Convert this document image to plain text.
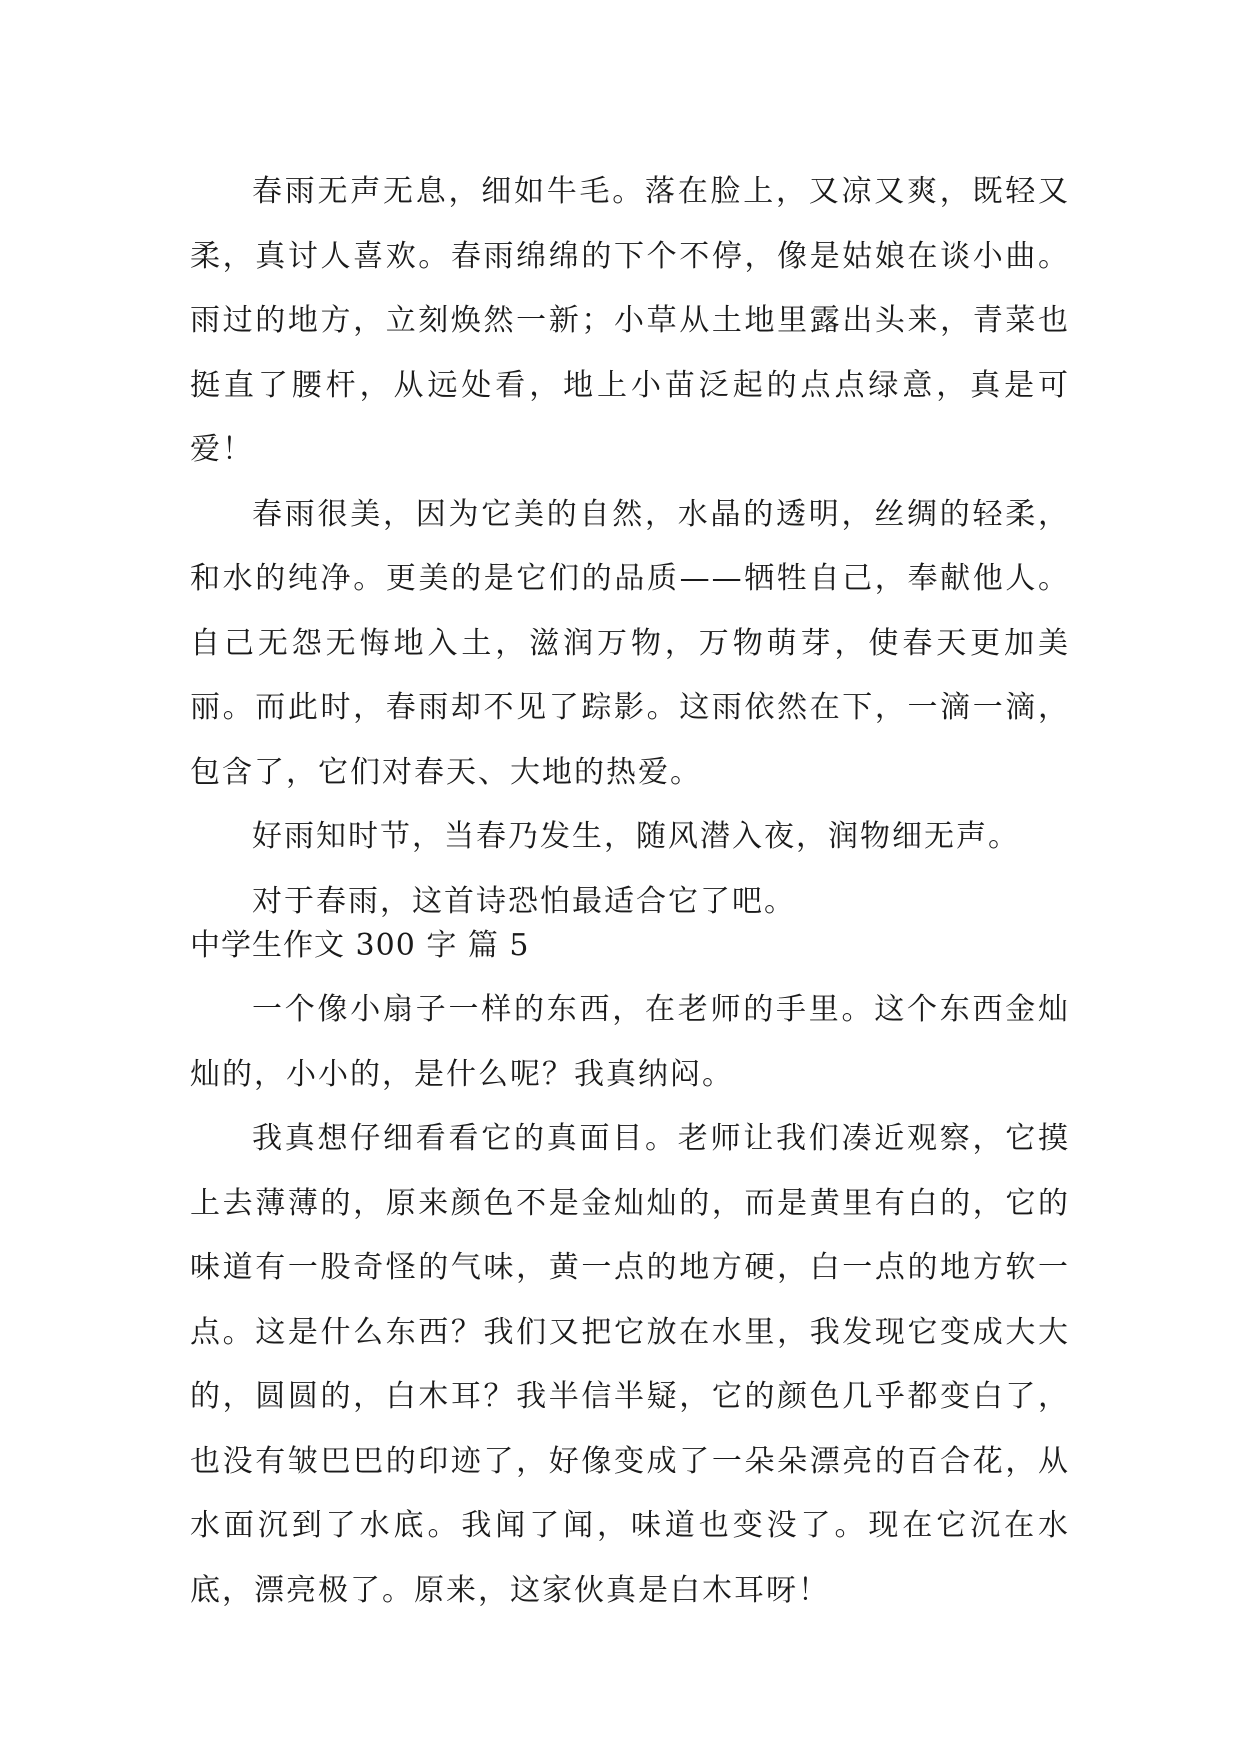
春雨无声无息，细如牛毛。落在脸上，又凉又爽，既轻又柔，真讨人喜欢。春雨绵绵的下个不停，像是姑娘在谈小曲。雨过的地方，立刻焕然一新；小草从土地里露出头来，青菜也挺直了腰杆，从远处看，地上小苗泛起的点点绿意，真是可爱！

春雨很美，因为它美的自然，水晶的透明，丝绸的轻柔，和水的纯净。更美的是它们的品质——牺牲自己，奉献他人。自己无怨无悔地入土，滋润万物，万物萌芽，使春天更加美丽。而此时，春雨却不见了踪影。这雨依然在下，一滴一滴，包含了，它们对春天、大地的热爱。

好雨知时节，当春乃发生，随风潜入夜，润物细无声。

对于春雨，这首诗恐怕最适合它了吧。

中学生作文 300 字 篇 5

一个像小扇子一样的东西，在老师的手里。这个东西金灿灿的，小小的，是什么呢？我真纳闷。

我真想仔细看看它的真面目。老师让我们凑近观察，它摸上去薄薄的，原来颜色不是金灿灿的，而是黄里有白的，它的味道有一股奇怪的气味，黄一点的地方硬，白一点的地方软一点。这是什么东西？我们又把它放在水里，我发现它变成大大的，圆圆的，白木耳？我半信半疑，它的颜色几乎都变白了，也没有皱巴巴的印迹了，好像变成了一朵朵漂亮的百合花，从水面沉到了水底。我闻了闻，味道也变没了。现在它沉在水底，漂亮极了。原来，这家伙真是白木耳呀！
